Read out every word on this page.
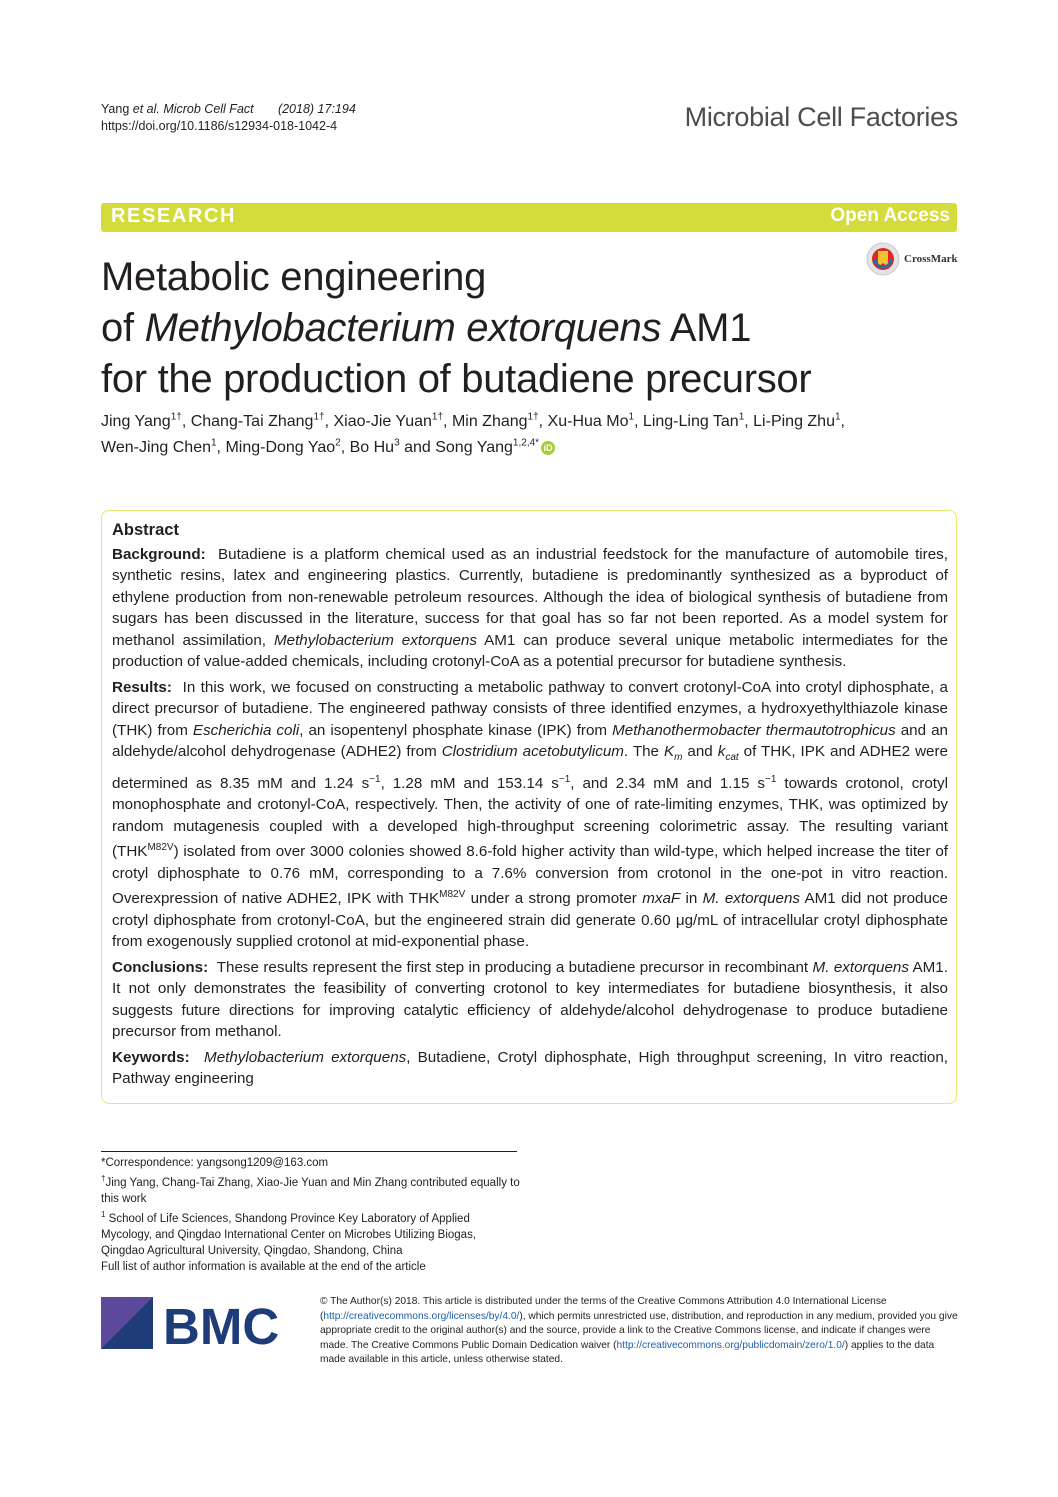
Yang et al. Microb Cell Fact (2018) 17:194
https://doi.org/10.1186/s12934-018-1042-4	Microbial Cell Factories
RESEARCH	Open Access
CrossMark
Metabolic engineering
of Methylobacterium extorquens AM1
for the production of butadiene precursor
Jing Yang$^{1\dagger}$, Chang‑Tai Zhang$^{1\dagger}$, Xiao‑Jie Yuan$^{1\dagger}$, Min Zhang$^{1\dagger}$, Xu‑Hua Mo$^1$, Ling‑Ling Tan$^1$, Li‑Ping Zhu$^1$,
Wen‑Jing Chen$^1$, Ming‑Dong Yao$^2$, Bo Hu$^3$ and Song Yang$^{1,2,4*}$ iD
Abstract

Background: Butadiene is a platform chemical used as an industrial feedstock for the manufacture of automobile tires, synthetic resins, latex and engineering plastics. Currently, butadiene is predominantly synthesized as a byproduct of ethylene production from non-renewable petroleum resources. Although the idea of biological synthesis of butadiene from sugars has been discussed in the literature, success for that goal has so far not been reported. As a model system for methanol assimilation, Methylobacterium extorquens AM1 can produce several unique metabolic intermediates for the production of value-added chemicals, including crotonyl-CoA as a potential precursor for butadiene synthesis.

Results: In this work, we focused on constructing a metabolic pathway to convert crotonyl-CoA into crotyl diphosphate, a direct precursor of butadiene. The engineered pathway consists of three identified enzymes, a hydroxyethylthiazole kinase (THK) from Escherichia coli, an isopentenyl phosphate kinase (IPK) from Methanothermobacter thermautotrophicus and an aldehyde/alcohol dehydrogenase (ADHE2) from Clostridium acetobutylicum. The $K_m$ and $k_{cat}$ of THK, IPK and ADHE2 were determined as 8.35 mM and 1.24 $s^{-1}$, 1.28 mM and 153.14 $s^{-1}$, and 2.34 mM and 1.15 $s^{-1}$ towards crotonol, crotyl monophosphate and crotonyl-CoA, respectively. Then, the activity of one of rate-limiting enzymes, THK, was optimized by random mutagenesis coupled with a developed high-throughput screening colorimetric assay. The resulting variant $(THK^{M82V})$ isolated from over 3000 colonies showed 8.6-fold higher activity than wild-type, which helped increase the titer of crotyl diphosphate to 0.76 mM, corresponding to a 7.6% conversion from crotonol in the one-pot in vitro reaction. Overexpression of native ADHE2, IPK with $THK^{M82V}$ under a strong promoter mxaF in M. extorquens AM1 did not produce crotyl diphosphate from crotonyl-CoA, but the engineered strain did generate 0.60 μg/mL of intracellular crotyl diphosphate from exogenously supplied crotonol at mid-exponential phase.

Conclusions: These results represent the first step in producing a butadiene precursor in recombinant M. extorquens AM1. It not only demonstrates the feasibility of converting crotonol to key intermediates for butadiene biosynthesis, it also suggests future directions for improving catalytic efficiency of aldehyde/alcohol dehydrogenase to produce butadiene precursor from methanol.

Keywords: Methylobacterium extorquens, Butadiene, Crotyl diphosphate, High throughput screening, In vitro reaction, Pathway engineering

*Correspondence: yangsong1209@163.com

†Jing Yang, Chang‑Tai Zhang, Xiao‑Jie Yuan and Min Zhang contributed equally to this work

$^1$ School of Life Sciences, Shandong Province Key Laboratory of Applied Mycology, and Qingdao International Center on Microbes Utilizing Biogas, Qingdao Agricultural University, Qingdao, Shandong, China

Full list of author information is available at the end of the article

BMC	© The Author(s) 2018. This article is distributed under the terms of the Creative Commons Attribution 4.0 International License (http://creativecommons.org/licenses/by/4.0/), which permits unrestricted use, distribution, and reproduction in any medium, provided you give appropriate credit to the original author(s) and the source, provide a link to the Creative Commons license, and indicate if changes were made. The Creative Commons Public Domain Dedication waiver (http://creativecommons.org/publicdomain/zero/1.0/) applies to the data made available in this article, unless otherwise stated.
